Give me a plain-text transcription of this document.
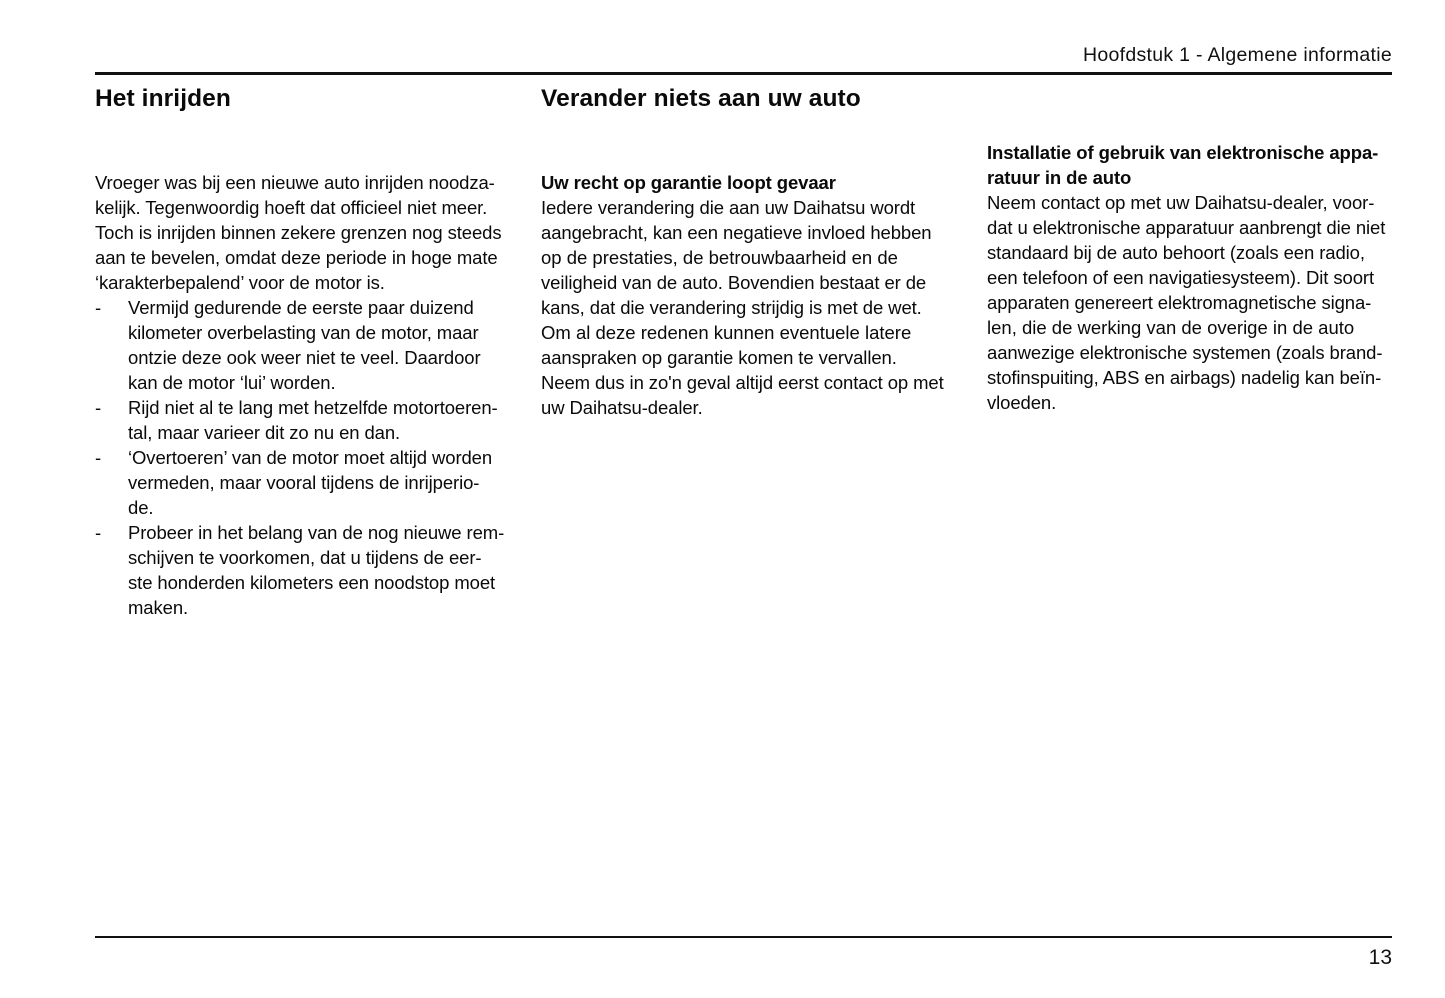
Hoofdstuk 1 - Algemene informatie
Het inrijden

Vroeger was bij een nieuwe auto inrijden noodza-
kelijk. Tegenwoordig hoeft dat officieel niet meer.
Toch is inrijden binnen zekere grenzen nog steeds
aan te bevelen, omdat deze periode in hoge mate
‘karakterbepalend’ voor de motor is.

-	Vermijd gedurende de eerste paar duizend
kilometer overbelasting van de motor, maar
ontzie deze ook weer niet te veel. Daardoor
kan de motor ‘lui’ worden.
-	Rijd niet al te lang met hetzelfde motortoeren-
tal, maar varieer dit zo nu en dan.
-	‘Overtoeren’ van de motor moet altijd worden
vermeden, maar vooral tijdens de inrijperio-
de.
-	Probeer in het belang van de nog nieuwe rem-
schijven te voorkomen, dat u tijdens de eer-
ste honderden kilometers een noodstop moet
maken.
Verander niets aan uw auto

Uw recht op garantie loopt gevaar

Iedere verandering die aan uw Daihatsu wordt
aangebracht, kan een negatieve invloed hebben
op de prestaties, de betrouwbaarheid en de
veiligheid van de auto. Bovendien bestaat er de
kans, dat die verandering strijdig is met de wet.
Om al deze redenen kunnen eventuele latere
aanspraken op garantie komen te vervallen.
Neem dus in zo'n geval altijd eerst contact op met
uw Daihatsu-dealer.

Installatie of gebruik van elektronische appa- ratuur in de auto

Neem contact op met uw Daihatsu-dealer, voor-
dat u elektronische apparatuur aanbrengt die niet
standaard bij de auto behoort (zoals een radio,
een telefoon of een navigatiesysteem). Dit soort
apparaten genereert elektromagnetische signa-
len, die de werking van de overige in de auto
aanwezige elektronische systemen (zoals brand-
stofinspuiting, ABS en airbags) nadelig kan beïn-
vloeden.

13
